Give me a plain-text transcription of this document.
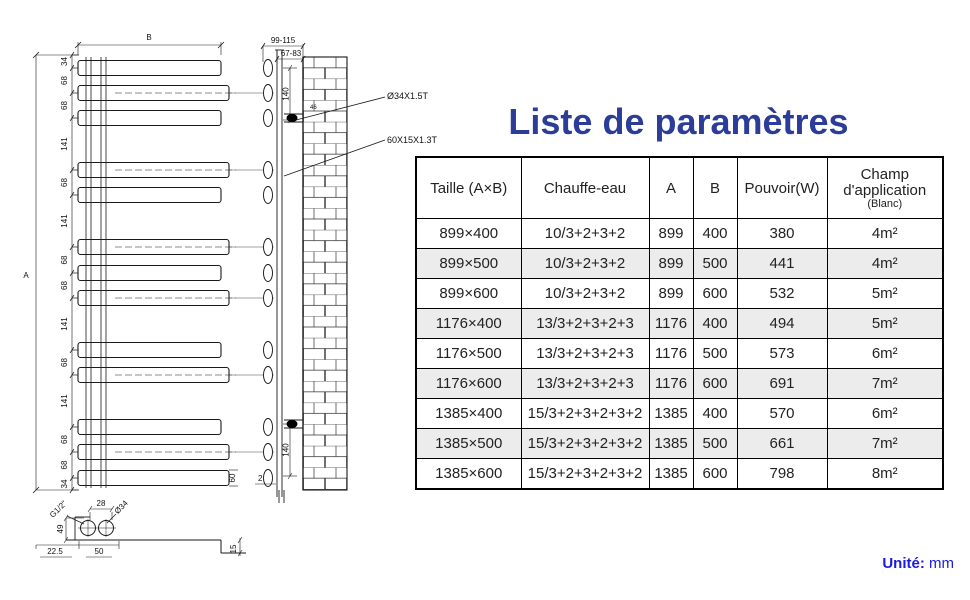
B
A
34
68
68
141
68
141
68
68
141
68
141
68
68
34
60
99-115
67-83
140
140
46
2
Ø34X1.5T
60X15X1.3T
28
G1/2"	Ø34
49
22.5	50	15
Liste de paramètres
Taille (A×B)	Chauffe-eau	A	B	Pouvoir(W)	Champ
d'application
(Blanc)

899×400	10/3+2+3+2	899	400	380	4m²
899×500	10/3+2+3+2	899	500	441	4m²
899×600	10/3+2+3+2	899	600	532	5m²
1176×400	13/3+2+3+2+3	1176	400	494	5m²
1176×500	13/3+2+3+2+3	1176	500	573	6m²
1176×600	13/3+2+3+2+3	1176	600	691	7m²
1385×400	15/3+2+3+2+3+2	1385	400	570	6m²
1385×500	15/3+2+3+2+3+2	1385	500	661	7m²
1385×600	15/3+2+3+2+3+2	1385	600	798	8m²
Unité: mm
